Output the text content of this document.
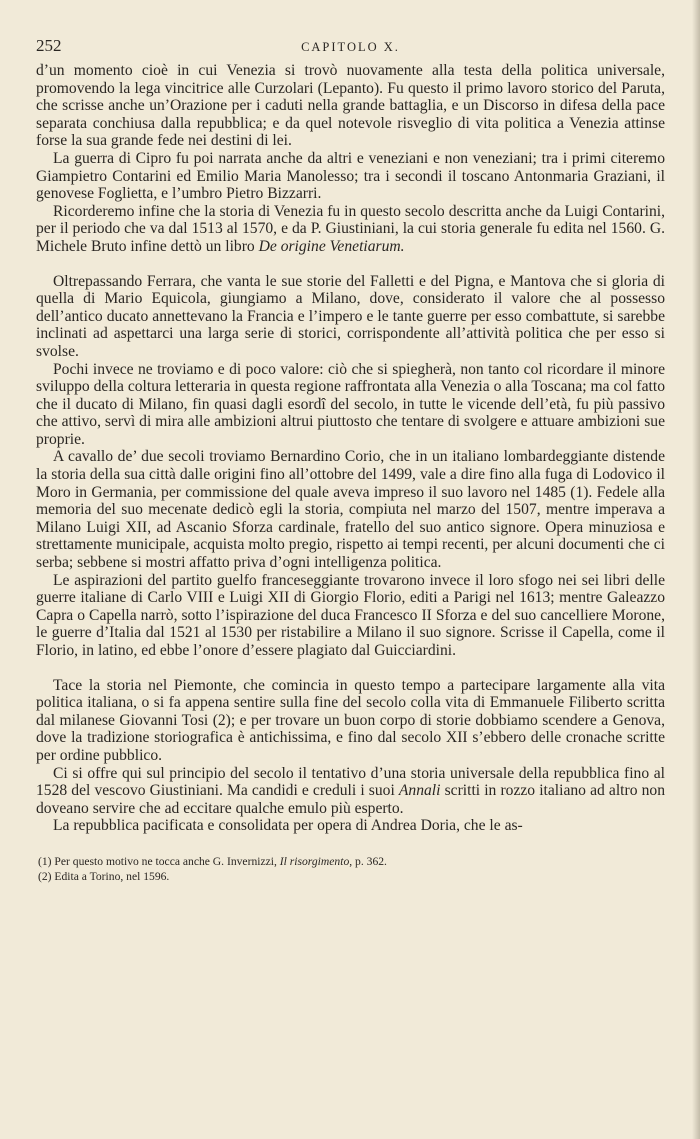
252	CAPITOLO X.

d’un momento cioè in cui Venezia si trovò nuovamente alla testa della politica universale, promovendo la lega vincitrice alle Curzolari (Lepanto). Fu questo il primo lavoro storico del Paruta, che scrisse anche un’Orazione per i caduti nella grande battaglia, e un Discorso in difesa della pace separata conchiusa dalla repubblica; e da quel notevole risveglio di vita politica a Venezia attinse forse la sua grande fede nei destini di lei.

La guerra di Cipro fu poi narrata anche da altri e veneziani e non veneziani; tra i primi citeremo Giampietro Contarini ed Emilio Maria Manolesso; tra i secondi il toscano Antonmaria Graziani, il genovese Foglietta, e l’umbro Pietro Bizzarri.

Ricorderemo infine che la storia di Venezia fu in questo secolo descritta anche da Luigi Contarini, per il periodo che va dal 1513 al 1570, e da P. Giustiniani, la cui storia generale fu edita nel 1560. G. Michele Bruto infine dettò un libro De origine Venetiarum.

Oltrepassando Ferrara, che vanta le sue storie del Falletti e del Pigna, e Mantova che si gloria di quella di Mario Equicola, giungiamo a Milano, dove, considerato il valore che al possesso dell’antico ducato annettevano la Francia e l’impero e le tante guerre per esso combattute, si sarebbe inclinati ad aspettarci una larga serie di storici, corrispondente all’attività politica che per esso si svolse.

Pochi invece ne troviamo e di poco valore: ciò che si spiegherà, non tanto col ricordare il minore sviluppo della coltura letteraria in questa regione raffrontata alla Venezia o alla Toscana; ma col fatto che il ducato di Milano, fin quasi dagli esordî del secolo, in tutte le vicende dell’età, fu più passivo che attivo, servì di mira alle ambizioni altrui piuttosto che tentare di svolgere e attuare ambizioni sue proprie.

A cavallo de’ due secoli troviamo Bernardino Corio, che in un italiano lombardeggiante distende la storia della sua città dalle origini fino all’ottobre del 1499, vale a dire fino alla fuga di Lodovico il Moro in Germania, per commissione del quale aveva impreso il suo lavoro nel 1485 (1). Fedele alla memoria del suo mecenate dedicò egli la storia, compiuta nel marzo del 1507, mentre imperava a Milano Luigi XII, ad Ascanio Sforza cardinale, fratello del suo antico signore. Opera minuziosa e strettamente municipale, acquista molto pregio, rispetto ai tempi recenti, per alcuni documenti che ci serba; sebbene si mostri affatto priva d’ogni intelligenza politica.

Le aspirazioni del partito guelfo franceseggiante trovarono invece il loro sfogo nei sei libri delle guerre italiane di Carlo VIII e Luigi XII di Giorgio Florio, editi a Parigi nel 1613; mentre Galeazzo Capra o Capella narrò, sotto l’ispirazione del duca Francesco II Sforza e del suo cancelliere Morone, le guerre d’Italia dal 1521 al 1530 per ristabilire a Milano il suo signore. Scrisse il Capella, come il Florio, in latino, ed ebbe l’onore d’essere plagiato dal Guicciardini.

Tace la storia nel Piemonte, che comincia in questo tempo a partecipare largamente alla vita politica italiana, o si fa appena sentire sulla fine del secolo colla vita di Emmanuele Filiberto scritta dal milanese Giovanni Tosi (2); e per trovare un buon corpo di storie dobbiamo scendere a Genova, dove la tradizione storiografica è antichissima, e fino dal secolo XII s’ebbero delle cronache scritte per ordine pubblico.

Ci si offre qui sul principio del secolo il tentativo d’una storia universale della repubblica fino al 1528 del vescovo Giustiniani. Ma candidi e creduli i suoi Annali scritti in rozzo italiano ad altro non doveano servire che ad eccitare qualche emulo più esperto.

La repubblica pacificata e consolidata per opera di Andrea Doria, che le as-

(1) Per questo motivo ne tocca anche G. Invernizzi, Il risorgimento, p. 362.
(2) Edita a Torino, nel 1596.
